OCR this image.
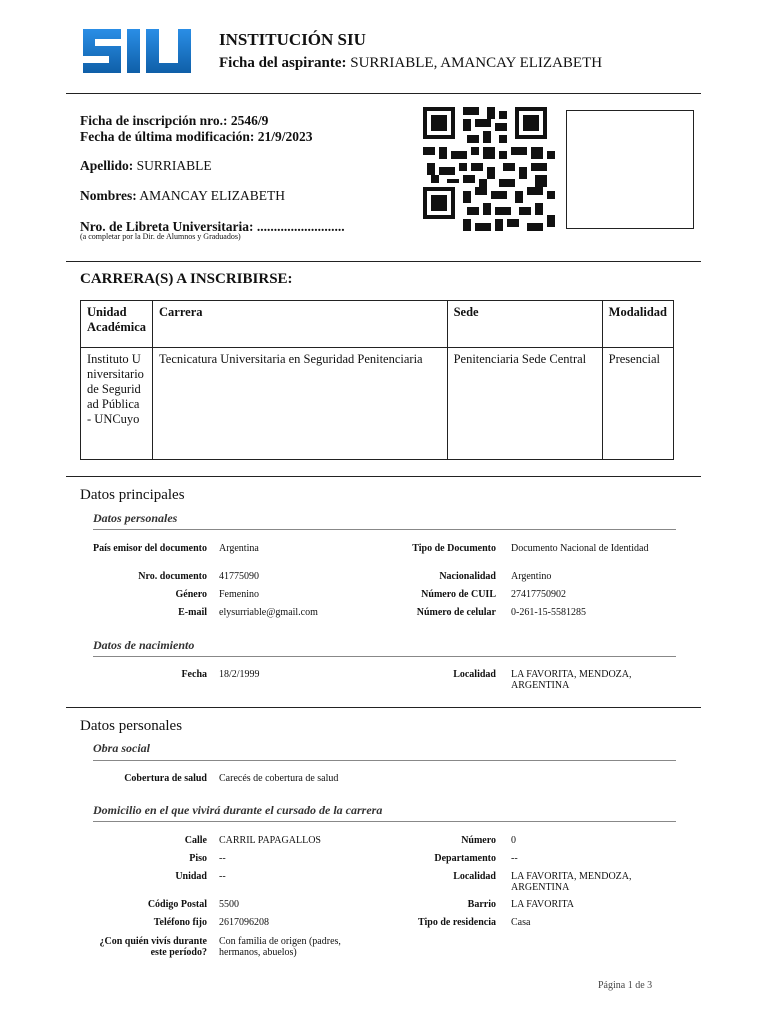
INSTITUCIÓN SIU
Ficha del aspirante: SURRIABLE, AMANCAY ELIZABETH
Ficha de inscripción nro.: 2546/9
Fecha de última modificación: 21/9/2023
Apellido: SURRIABLE
Nombres: AMANCAY ELIZABETH
Nro. de Libreta Universitaria: ..........................
(a completar por la Dir. de Alumnos y Graduados)
CARRERA(S) A INSCRIBIRSE:
Unidad Académica	Carrera	Sede	Modalidad
Instituto Universitario de Seguridad Pública - UNCuyo	Tecnicatura Universitaria en Seguridad Penitenciaria	Penitenciaria Sede Central	Presencial
Datos principales
Datos personales
País emisor del documento Argentina	Tipo de Documento Documento Nacional de Identidad
Nro. documento 41775090	Nacionalidad Argentino
Género Femenino	Número de CUIL 27417750902
E-mail elysurriable@gmail.com	Número de celular 0-261-15-5581285
Datos de nacimiento
Fecha 18/2/1999	Localidad LA FAVORITA, MENDOZA, ARGENTINA
Datos personales
Obra social
Cobertura de salud Carecés de cobertura de salud
Domicilio en el que vivirá durante el cursado de la carrera
Calle CARRIL PAPAGALLOS	Número 0
Piso --	Departamento --
Unidad --	Localidad LA FAVORITA, MENDOZA, ARGENTINA
Código Postal 5500	Barrio LA FAVORITA
Teléfono fijo 2617096208	Tipo de residencia Casa
¿Con quién vivís durante este período?
Con familia de origen (padres, hermanos, abuelos)
Página 1 de 3
